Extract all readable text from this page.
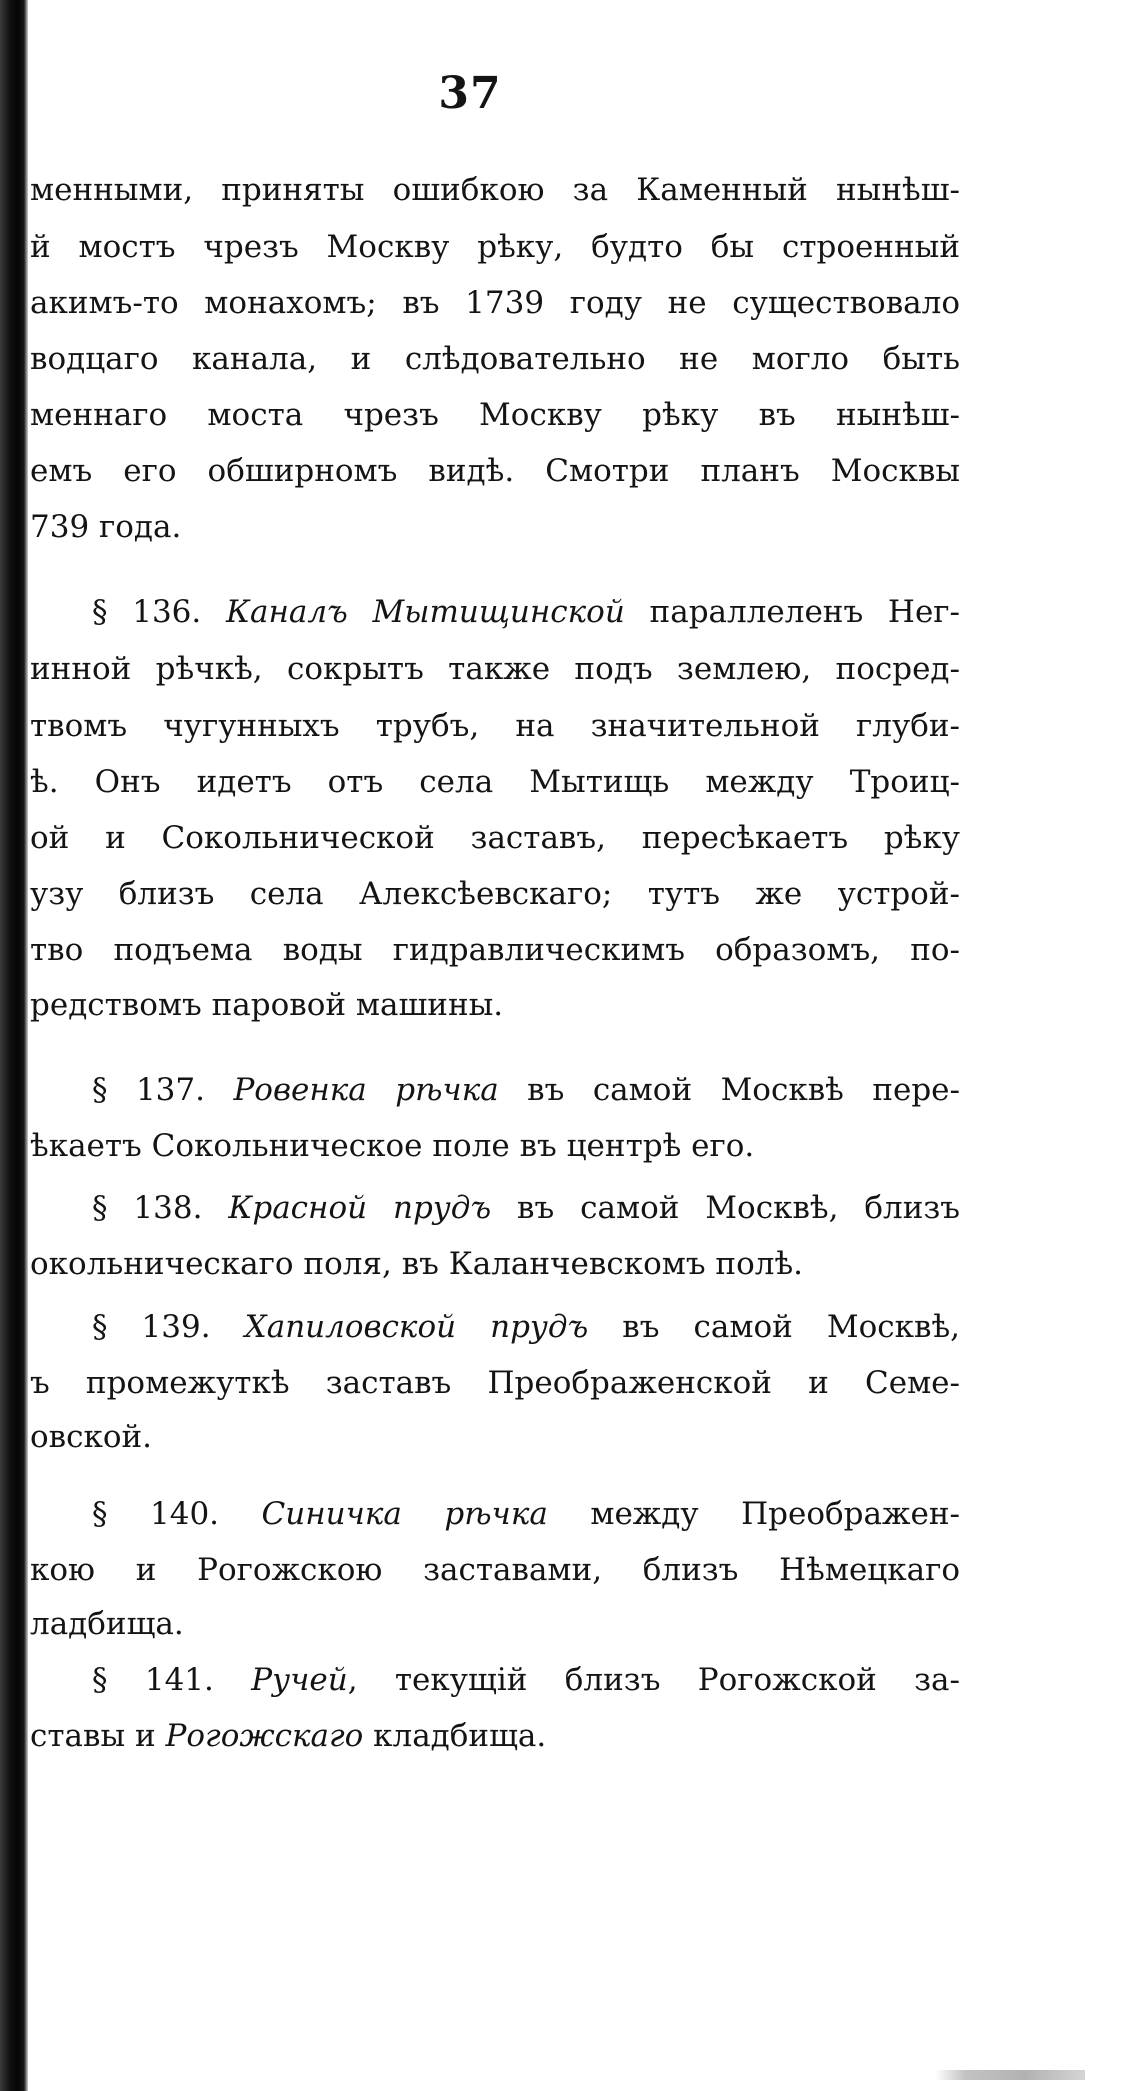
37
менными, приняты ошибкою за Каменный нынѣш-
й мостъ чрезъ Москву рѣку, будто бы строенный
акимъ-то монахомъ; въ 1739 году не существовало
водцаго канала, и слѣдовательно не могло быть
меннаго моста чрезъ Москву рѣку въ нынѣш-
емъ его обширномъ видѣ. Смотри планъ Москвы
739 года.
§ 136. Каналъ Мытищинской параллеленъ Нег-
инной рѣчкѣ, сокрытъ также подъ землею, посред-
твомъ чугунныхъ трубъ, на значительной глуби-
ѣ. Онъ идетъ отъ села Мытищь между Троиц-
ой и Сокольнической заставъ, пересѣкаетъ рѣку
узу близъ села Алексѣевскаго; тутъ же устрой-
тво подъема воды гидравлическимъ образомъ, по-
редствомъ паровой машины.
§ 137. Ровенка рѣчка въ самой Москвѣ пере-
ѣкаетъ Сокольническое поле въ центрѣ его.
§ 138. Красной прудъ въ самой Москвѣ, близъ
окольническаго поля, въ Каланчевскомъ полѣ.
§ 139. Хапиловской прудъ въ самой Москвѣ,
ъ промежуткѣ заставъ Преображенской и Семе-
овской.
§ 140. Синичка рѣчка между Преображен-
кою и Рогожскою заставами, близъ Нѣмецкаго
ладбища.
§ 141. Ручей, текущій близъ Рогожской за-
ставы и Рогожскаго кладбища.
